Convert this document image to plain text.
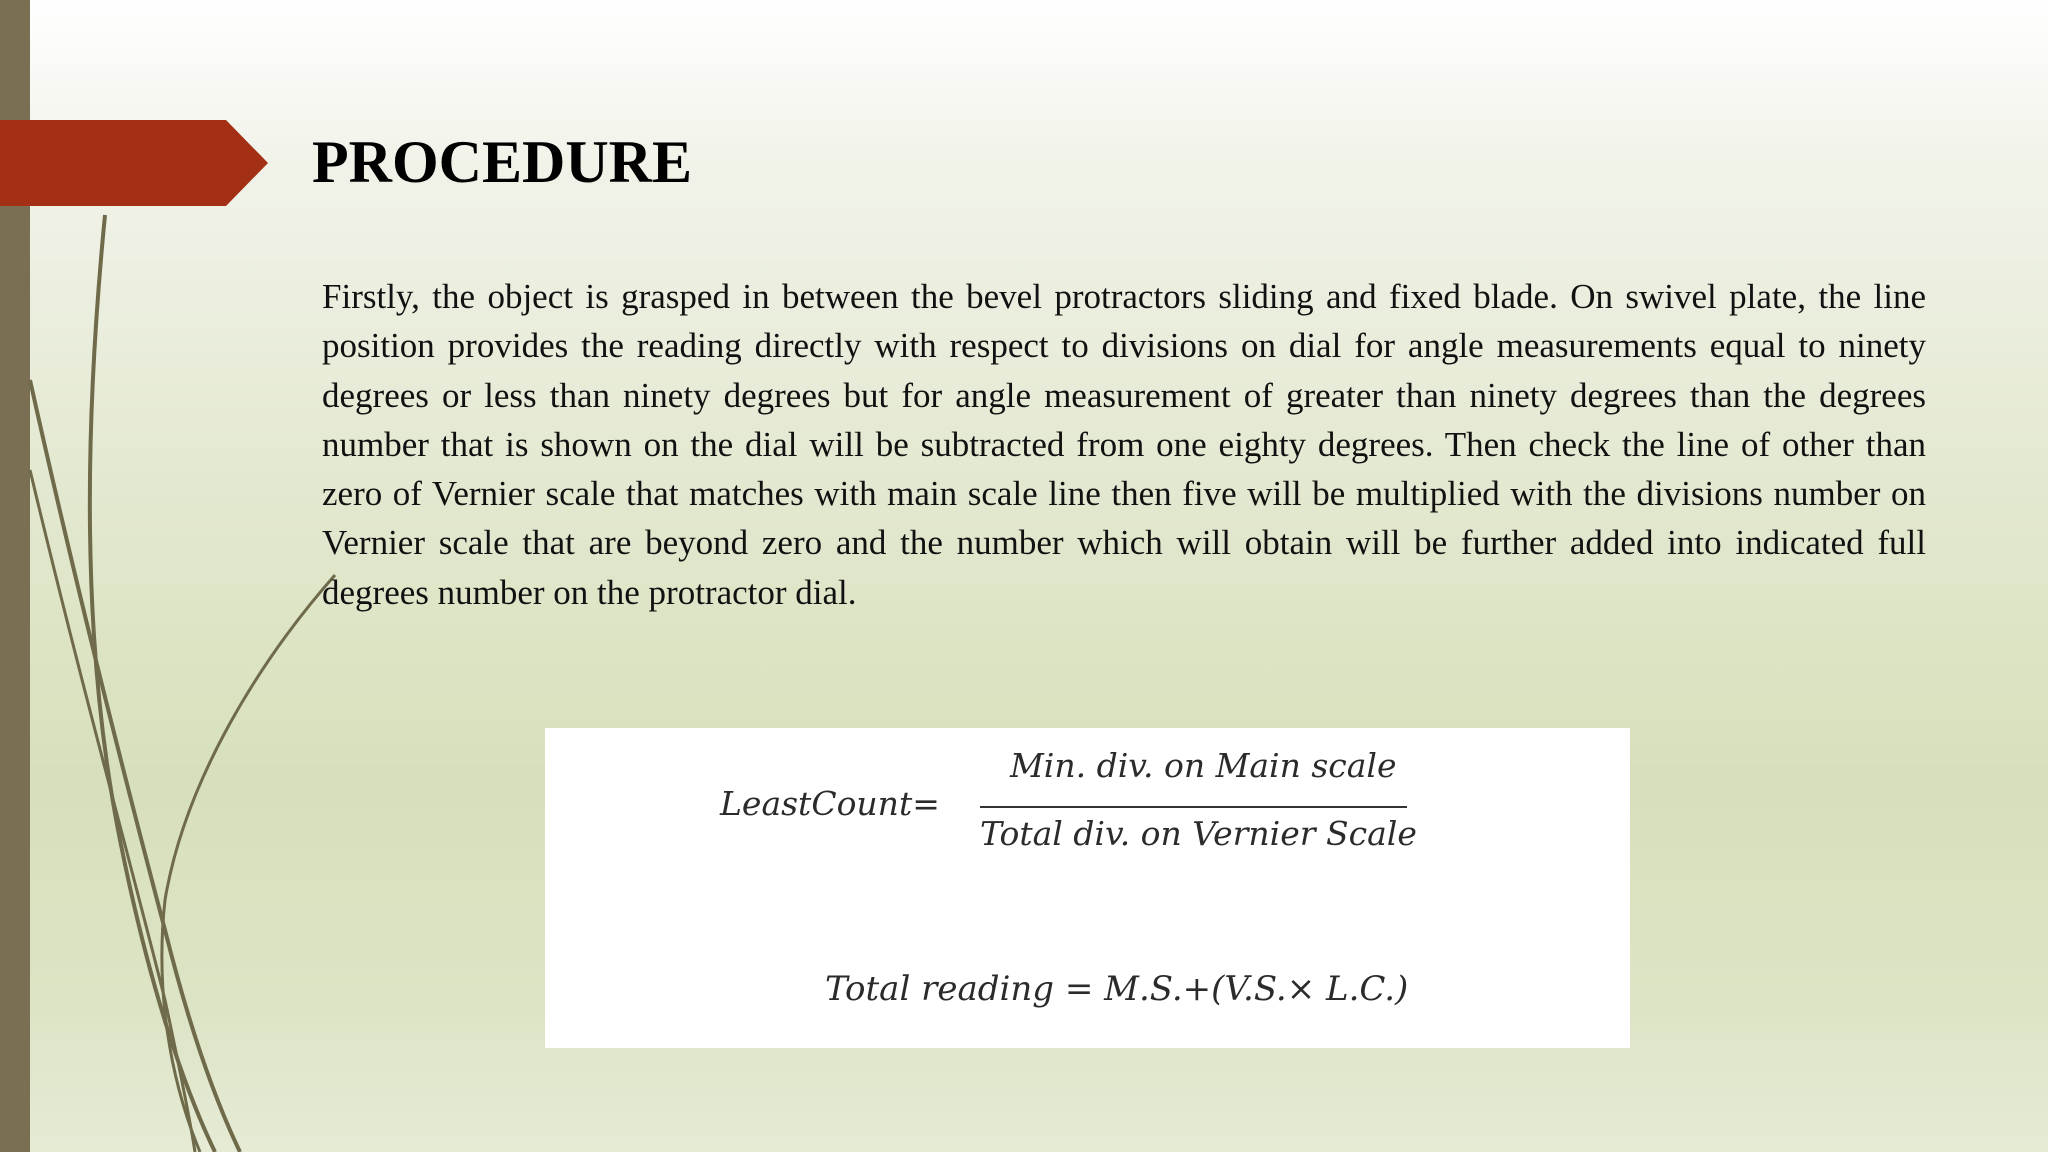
PROCEDURE

Firstly, the object is grasped in between the bevel protractors sliding and fixed blade. On swivel plate, the line position provides the reading directly with respect to divisions on dial for angle measurements equal to ninety degrees or less than ninety degrees but for angle measurement of greater than ninety degrees than the degrees number that is shown on the dial will be subtracted from one eighty degrees. Then check the line of other than zero of Vernier scale that matches with main scale line then five will be multiplied with the divisions number on Vernier scale that are beyond zero and the number which will obtain will be further added into indicated full degrees number on the protractor dial.

LeastCount=
Min. div. on Main scale
Total div. on Vernier Scale
Total reading = M.S.+(V.S.× L.C.)
